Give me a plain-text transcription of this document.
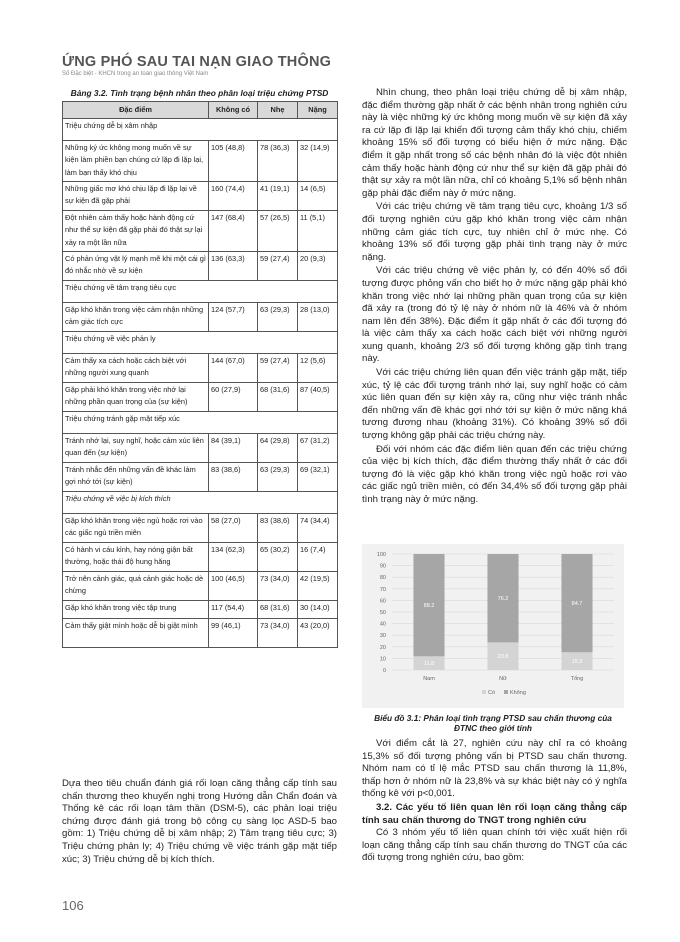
ỨNG PHÓ SAU TAI NẠN GIAO THÔNG
Số Đặc biệt - KHCN trong an toàn giao thông Việt Nam
Bảng 3.2. Tình trạng bệnh nhân theo phân loại triệu chứng PTSD
Đặc điểm	Không có	Nhẹ	Nặng
Triệu chứng dễ bị xâm nhập			
Những ký ức không mong muốn về sự kiện làm phiền bạn chúng cứ lặp đi lặp lại, làm bạn thấy khó chịu	105 (48,8)	78 (36,3)	32 (14,9)
Những giấc mơ khó chịu lặp đi lặp lại về sự kiện đã gặp phải	160 (74,4)	41 (19,1)	14 (6,5)
Đột nhiên cảm thấy hoặc hành động cứ như thể sự kiện đã gặp phải đó thật sự lại xảy ra một lần nữa	147 (68,4)	57 (26,5)	11 (5,1)
Có phản ứng vật lý mạnh mẽ khi một cái gì đó nhắc nhở về sự kiện	136 (63,3)	59 (27,4)	20 (9,3)
Triệu chứng về tâm trạng tiêu cực			
Gặp khó khăn trong việc cảm nhận những cảm giác tích cực	124 (57,7)	63 (29,3)	28 (13,0)
Triệu chứng về việc phản ly			
Cảm thấy xa cách hoặc cách biệt với những người xung quanh	144 (67,0)	59 (27,4)	12 (5,6)
Gặp phải khó khăn trong việc nhớ lại những phần quan trọng của (sự kiện)	60 (27,9)	68 (31,6)	87 (40,5)
Triệu chứng tránh gặp mặt tiếp xúc			
Tránh nhớ lại, suy nghĩ, hoặc cảm xúc liên quan đến (sự kiện)	84 (39,1)	64 (29,8)	67 (31,2)
Tránh nhắc đến những vấn đề khác làm gợi nhớ tới (sự kiện)	83 (38,6)	63 (29,3)	69 (32,1)
Triệu chứng về việc bị kích thích			
Gặp khó khăn trong việc ngủ hoặc rơi vào các giấc ngủ triền miên	58 (27,0)	83 (38,6)	74 (34,4)
Có hành vi cáu kỉnh, hay nóng giận bất thường, hoặc thái độ hung hăng	134 (62,3)	65 (30,2)	16 (7,4)
Trở nên cảnh giác, quá cảnh giác hoặc dè chừng	100 (46,5)	73 (34,0)	42 (19,5)
Gặp khó khăn trong việc tập trung	117 (54,4)	68 (31,6)	30 (14,0)
Cảm thấy giật mình hoặc dễ bị giật mình	99 (46,1)	73 (34,0)	43 (20,0)
Dựa theo tiêu chuẩn đánh giá rối loạn căng thẳng cấp tính sau chấn thương theo khuyến nghị trong Hướng dẫn Chẩn đoán và Thống kê các rối loạn tâm thần (DSM-5), các phản loại triệu chứng được đánh giá trong bộ công cụ sàng lọc ASD-5 bao gồm: 1) Triệu chứng dễ bị xâm nhập; 2) Tâm trạng tiêu cực; 3) Triệu chứng phản ly; 4) Triệu chứng về việc tránh gặp mặt tiếp xúc; 3) Triệu chứng dễ bị kích thích.

Nhìn chung, theo phân loại triệu chứng dễ bị xâm nhập, đặc điểm thường gặp nhất ở các bệnh nhân trong nghiên cứu này là việc những ký ức không mong muốn về sự kiện đã xảy ra cứ lặp đi lặp lại khiến đối tượng cảm thấy khó chịu, chiếm khoảng 15% số đối tượng có biểu hiện ở mức nặng. Đặc điểm ít gặp nhất trong số các bệnh nhân đó là việc đột nhiên cảm thấy hoặc hành động cứ như thể sự kiện đã gặp phải đó thật sự xảy ra một lần nữa, chỉ có khoảng 5,1% số bệnh nhân gặp phải đặc điểm này ở mức nặng.

Với các triệu chứng về tâm trạng tiêu cực, khoảng 1/3 số đối tượng nghiên cứu gặp khó khăn trong việc cảm nhận những cảm giác tích cực, tuy nhiên chỉ ở mức nhẹ. Có khoảng 13% số đối tượng gặp phải tình trạng này ở mức nặng.

Với các triệu chứng về việc phản ly, có đến 40% số đối tượng được phỏng vấn cho biết họ ở mức nặng gặp phải khó khăn trong việc nhớ lại những phần quan trọng của sự kiện đã xảy ra (trong đó tỷ lệ này ở nhóm nữ là 46% và ở nhóm nam lên đến 38%). Đặc điểm ít gặp nhất ở các đối tượng đó là việc cảm thấy xa cách hoặc cách biệt với những người xung quanh, khoảng 2/3 số đối tượng không gặp tình trạng này.

Với các triệu chứng liên quan đến việc tránh gặp mặt, tiếp xúc, tỷ lệ các đối tượng tránh nhớ lại, suy nghĩ hoặc có cảm xúc liên quan đến sự kiện xảy ra, cũng như việc tránh nhắc đến những vấn đề khác gợi nhớ tới sự kiện ở mức nặng khá tương đương nhau (khoảng 31%). Có khoảng 39% số đối tượng không gặp phải các triệu chứng này.

Đối với nhóm các đặc điểm liên quan đến các triệu chứng của việc bị kích thích, đặc điểm thường thấy nhất ở các đối tượng đó là việc gặp khó khăn trong việc ngủ hoặc rơi vào các giấc ngủ triền miên, có đến 34,4% số đối tượng gặp phải tình trạng này ở mức nặng.

0
10
20
30
40
50
60
70
80
90
100
11.8
88.2
Nam
23.8
76.2
Nữ
15.3
84.7
Tổng
Có	Không
Biểu đồ 3.1: Phân loại tình trạng PTSD sau chấn thương của ĐTNC theo giới tính

Với điểm cắt là 27, nghiên cứu này chỉ ra có khoảng 15,3% số đối tượng phỏng vấn bị PTSD sau chấn thương. Nhóm nam có tỉ lệ mắc PTSD sau chấn thương là 11,8%, thấp hơn ở nhóm nữ là 23,8% và sự khác biệt này có ý nghĩa thống kê với p<0,001.

3.2. Các yếu tố liên quan lên rối loạn căng thẳng cấp tính sau chấn thương do TNGT trong nghiên cứu

Có 3 nhóm yếu tố liên quan chính tới việc xuất hiện rối loạn căng thẳng cấp tính sau chấn thương do TNGT của các đối tượng trong nghiên cứu, bao gồm:

106
